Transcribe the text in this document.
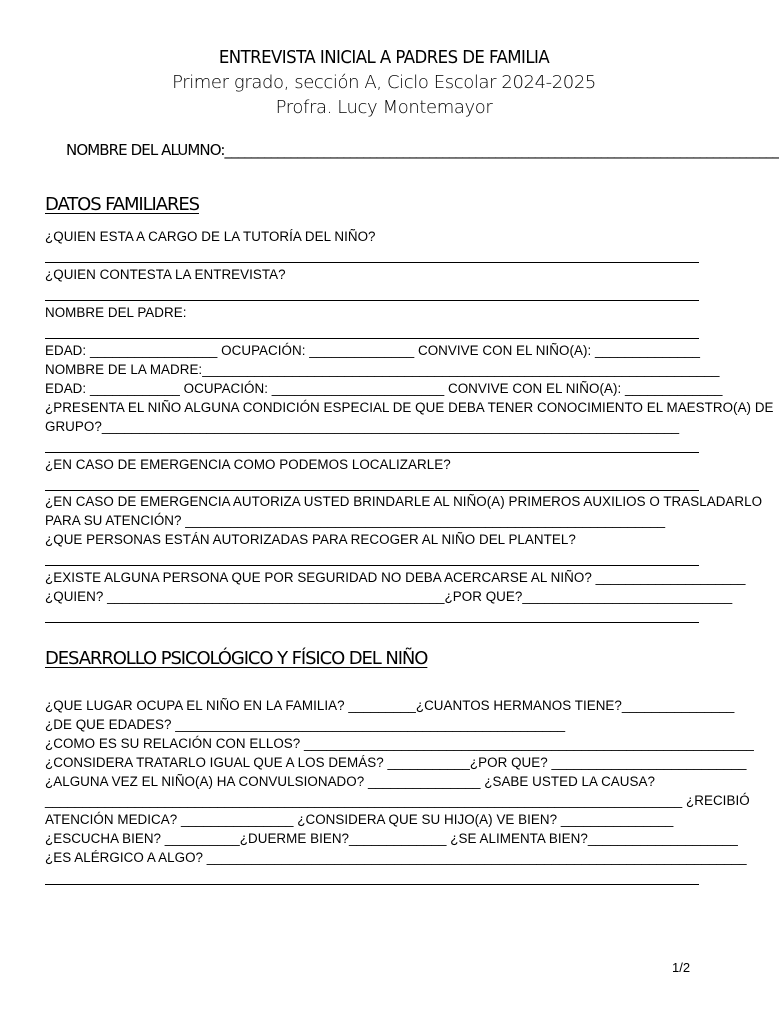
ENTREVISTA INICIAL A PADRES DE FAMILIA
Primer grado, sección A, Ciclo Escolar 2024-2025
Profra. Lucy Montemayor
NOMBRE DEL ALUMNO:____________________________________________________________________________________
DATOS FAMILIARES
¿QUIEN ESTA A CARGO DE LA TUTORÍA DEL NIÑO?
¿QUIEN CONTESTA LA ENTREVISTA?
NOMBRE DEL PADRE:
EDAD: _________________ OCUPACIÓN: ______________ CONVIVE CON EL NIÑO(A): ______________
NOMBRE DE LA MADRE:_____________________________________________________________________
EDAD: ____________ OCUPACIÓN: _______________________ CONVIVE CON EL NIÑO(A): _____________
¿PRESENTA EL NIÑO ALGUNA CONDICIÓN ESPECIAL DE QUE DEBA TENER CONOCIMIENTO EL MAESTRO(A) DE
GRUPO?_____________________________________________________________________________
¿EN CASO DE EMERGENCIA COMO PODEMOS LOCALIZARLE?
¿EN CASO DE EMERGENCIA AUTORIZA USTED BRINDARLE AL NIÑO(A) PRIMEROS AUXILIOS O TRASLADARLO
PARA SU ATENCIÓN? ________________________________________________________________
¿QUE PERSONAS ESTÁN AUTORIZADAS PARA RECOGER AL NIÑO DEL PLANTEL?
¿EXISTE ALGUNA PERSONA QUE POR SEGURIDAD NO DEBA ACERCARSE AL NIÑO? ____________________
¿QUIEN? _____________________________________________¿POR QUE?____________________________
DESARROLLO PSICOLÓGICO Y FÍSICO DEL NIÑO
¿QUE LUGAR OCUPA EL NIÑO EN LA FAMILIA? _________¿CUANTOS HERMANOS TIENE?_______________
¿DE QUE EDADES? ____________________________________________________
¿COMO ES SU RELACIÓN CON ELLOS? ____________________________________________________________
¿CONSIDERA TRATARLO IGUAL QUE A LOS DEMÁS? ___________¿POR QUE? __________________________
¿ALGUNA VEZ EL NIÑO(A) HA CONVULSIONADO? _______________ ¿SABE USTED LA CAUSA?
_____________________________________________________________________________________ ¿RECIBIÓ
ATENCIÓN MEDICA? _______________ ¿CONSIDERA QUE SU HIJO(A) VE BIEN? _______________
¿ESCUCHA BIEN? __________¿DUERME BIEN?_____________ ¿SE ALIMENTA BIEN?____________________
¿ES ALÉRGICO A ALGO? ________________________________________________________________________
1/2
